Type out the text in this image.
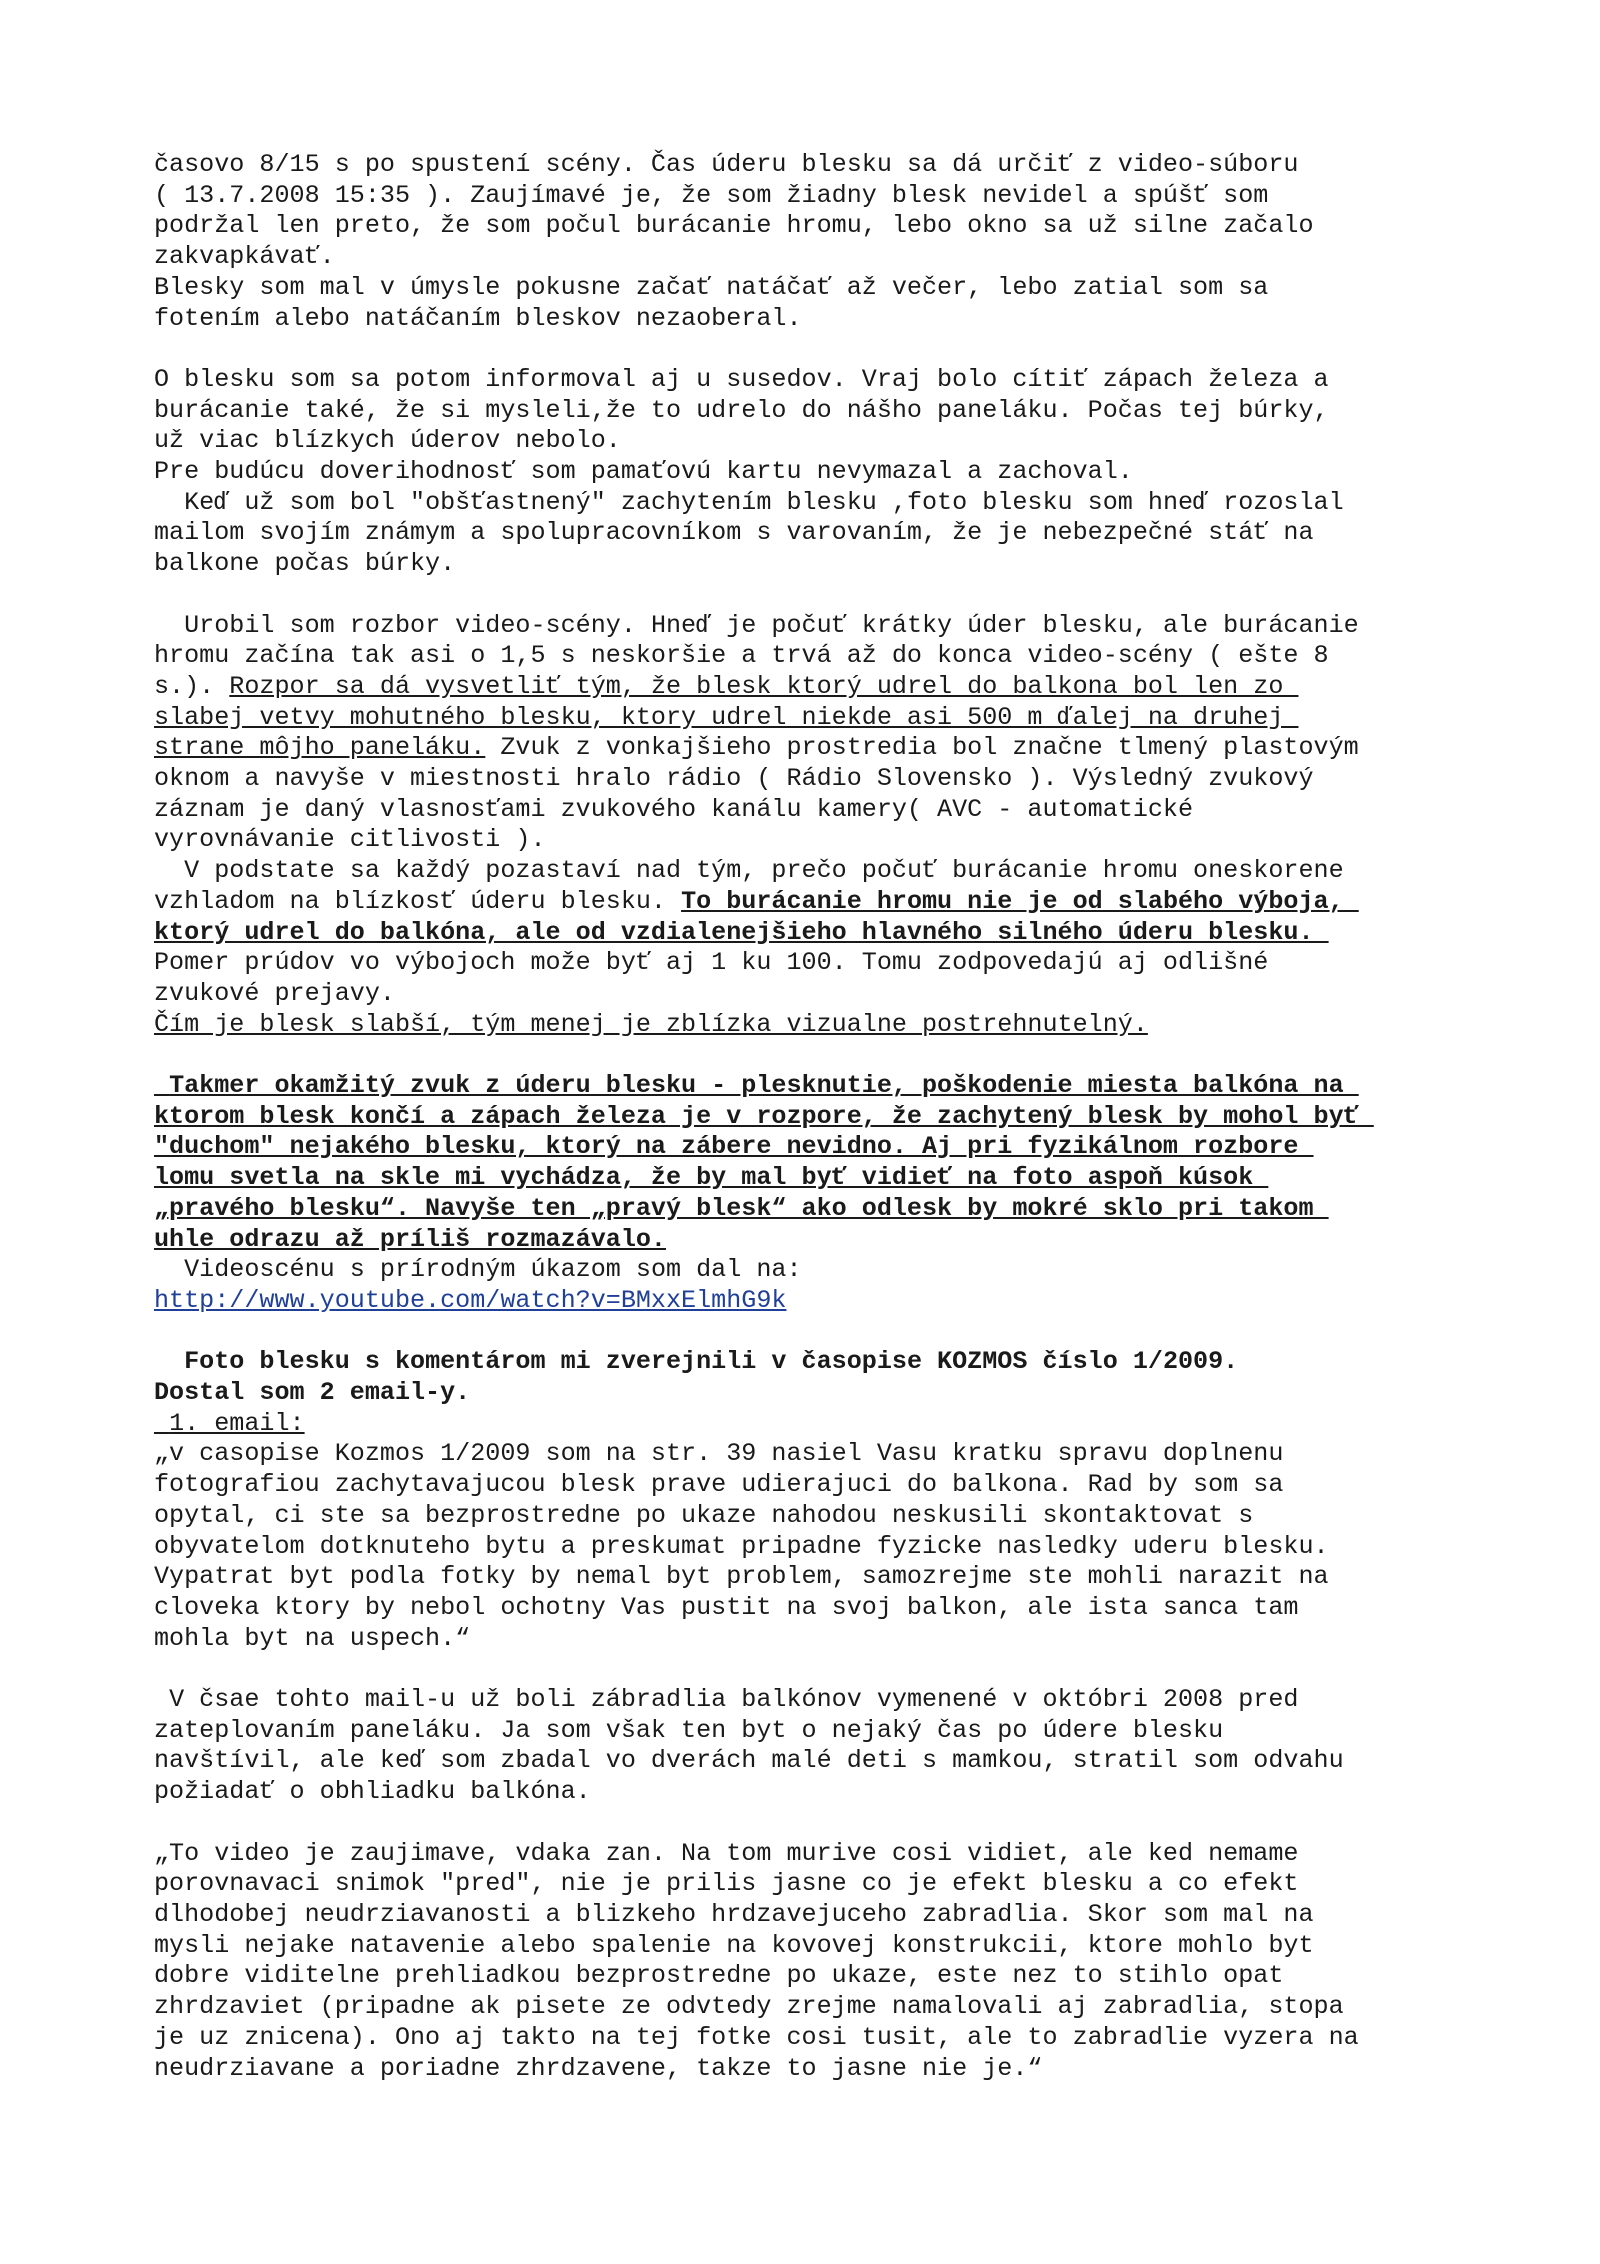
časovo 8/15 s po spustení scény. Čas úderu blesku sa dá určiť z video-súboru

( 13.7.2008 15:35 ). Zaujímavé je, že som žiadny blesk nevidel a spúšť som

podržal len preto, že som počul burácanie hromu, lebo okno sa už silne začalo

zakvapkávať.

Blesky som mal v úmysle pokusne začať natáčať až večer, lebo zatial som sa

fotením alebo natáčaním bleskov nezaoberal.

O blesku som sa potom informoval aj u susedov. Vraj bolo cítiť zápach železa a

burácanie také, že si mysleli,že to udrelo do nášho paneláku. Počas tej búrky,

už viac blízkych úderov nebolo.

Pre budúcu doverihodnosť som pamaťovú kartu nevymazal a zachoval.

Keď už som bol "obšťastnený" zachytením blesku ,foto blesku som hneď rozoslal

mailom svojím známym a spolupracovníkom s varovaním, že je nebezpečné stáť na

balkone počas búrky.

Urobil som rozbor video-scény. Hneď je počuť krátky úder blesku, ale burácanie

hromu začína tak asi o 1,5 s neskoršie a trvá až do konca video-scény ( ešte 8

s.). Rozpor sa dá vysvetliť tým, že blesk ktorý udrel do balkona bol len zo

slabej vetvy mohutného blesku, ktory udrel niekde asi 500 m ďalej na druhej

strane môjho paneláku. Zvuk z vonkajšieho prostredia bol značne tlmený plastovým

oknom a navyše v miestnosti hralo rádio ( Rádio Slovensko ). Výsledný zvukový

záznam je daný vlasnosťami zvukového kanálu kamery( AVC - automatické

vyrovnávanie citlivosti ).

V podstate sa každý pozastaví nad tým, prečo počuť burácanie hromu oneskorene

vzhladom na blízkosť úderu blesku. To burácanie hromu nie je od slabého výboja,

ktorý udrel do balkóna, ale od vzdialenejšieho hlavného silného úderu blesku.

Pomer prúdov vo výbojoch može byť aj 1 ku 100. Tomu zodpovedajú aj odlišné

zvukové prejavy.

Čím je blesk slabší, tým menej je zblízka vizualne postrehnutelný.

Takmer okamžitý zvuk z úderu blesku - plesknutie, poškodenie miesta balkóna na

ktorom blesk končí a zápach železa je v rozpore, že zachytený blesk by mohol byť

"duchom" nejakého blesku, ktorý na zábere nevidno. Aj pri fyzikálnom rozbore

lomu svetla na skle mi vychádza, že by mal byť vidieť na foto aspoň kúsok

„pravého blesku“. Navyše ten „pravý blesk“ ako odlesk by mokré sklo pri takom

uhle odrazu až príliš rozmazávalo.

Videoscénu s prírodným úkazom som dal na:

http://www.youtube.com/watch?v=BMxxElmhG9k

Foto blesku s komentárom mi zverejnili v časopise KOZMOS číslo 1/2009.

Dostal som 2 email-y.

1. email:

„v casopise Kozmos 1/2009 som na str. 39 nasiel Vasu kratku spravu doplnenu

fotografiou zachytavajucou blesk prave udierajuci do balkona. Rad by som sa

opytal, ci ste sa bezprostredne po ukaze nahodou neskusili skontaktovat s

obyvatelom dotknuteho bytu a preskumat pripadne fyzicke nasledky uderu blesku.

Vypatrat byt podla fotky by nemal byt problem, samozrejme ste mohli narazit na

cloveka ktory by nebol ochotny Vas pustit na svoj balkon, ale ista sanca tam

mohla byt na uspech.“

V čsae tohto mail-u už boli zábradlia balkónov vymenené v októbri 2008 pred

zateplovaním paneláku. Ja som však ten byt o nejaký čas po údere blesku

navštívil, ale keď som zbadal vo dverách malé deti s mamkou, stratil som odvahu

požiadať o obhliadku balkóna.

„To video je zaujimave, vdaka zan. Na tom murive cosi vidiet, ale ked nemame

porovnavaci snimok "pred", nie je prilis jasne co je efekt blesku a co efekt

dlhodobej neudrziavanosti a blizkeho hrdzavejuceho zabradlia. Skor som mal na

mysli nejake natavenie alebo spalenie na kovovej konstrukcii, ktore mohlo byt

dobre viditelne prehliadkou bezprostredne po ukaze, este nez to stihlo opat

zhrdzaviet (pripadne ak pisete ze odvtedy zrejme namalovali aj zabradlia, stopa

je uz znicena). Ono aj takto na tej fotke cosi tusit, ale to zabradlie vyzera na

neudrziavane a poriadne zhrdzavene, takze to jasne nie je.“
